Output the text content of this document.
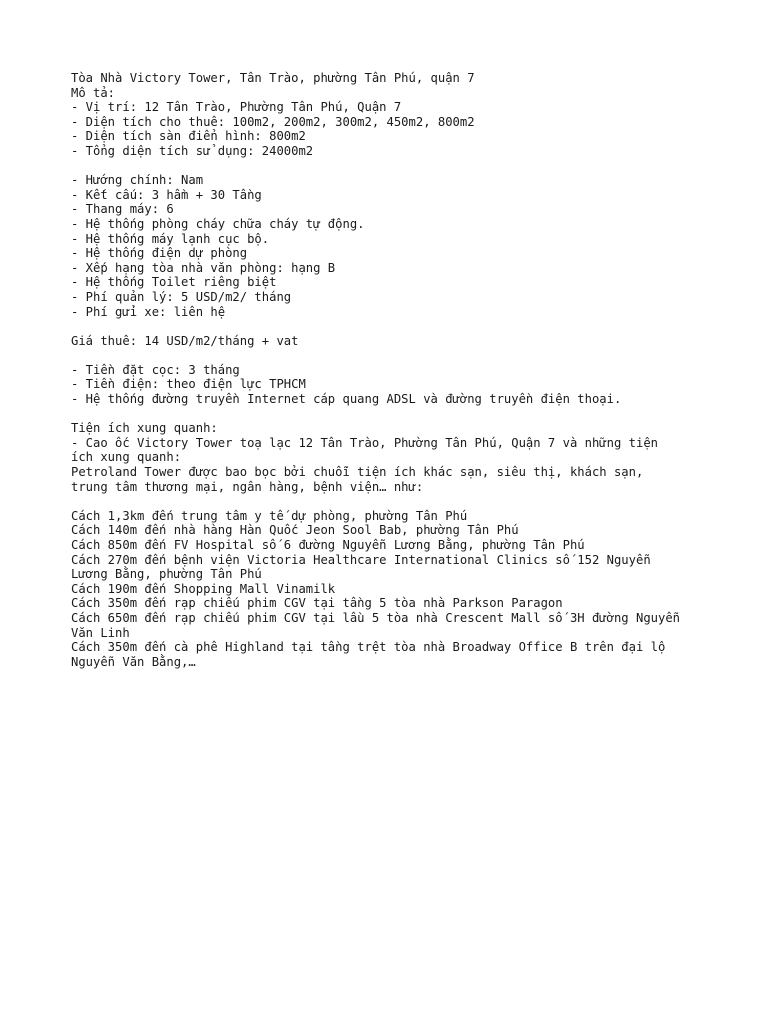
Tòa Nhà Victory Tower, Tân Trào, phường Tân Phú, quận 7
Mô tả:
- Vị trí: 12 Tân Trào, Phường Tân Phú, Quận 7
- Diện tích cho thuê: 100m2, 200m2, 300m2, 450m2, 800m2
- Diện tích sàn điển hình: 800m2
- Tổng diện tích sử dụng: 24000m2
- Hướng chính: Nam
- Kết cấu: 3 hầm + 30 Tầng
- Thang máy: 6
- Hệ thống phòng cháy chữa cháy tự động.
- Hệ thống máy lạnh cục bộ.
- Hệ thống điện dự phòng
- Xếp hạng tòa nhà văn phòng: hạng B
- Hệ thống Toilet riêng biệt
- Phí quản lý: 5 USD/m2/ tháng
- Phí gửi xe: liên hệ
Giá thuê: 14 USD/m2/tháng + vat
- Tiền đặt cọc: 3 tháng
- Tiền điện: theo điện lực TPHCM
- Hệ thống đường truyền Internet cáp quang ADSL và đường truyền điện thoại.
Tiện ích xung quanh:
- Cao ốc Victory Tower toạ lạc 12 Tân Trào, Phường Tân Phú, Quận 7 và những tiện
ích xung quanh:
Petroland Tower được bao bọc bởi chuỗi tiện ích khác sạn, siêu thị, khách sạn,
trung tâm thương mại, ngân hàng, bệnh viện… như:
Cách 1,3km đến trung tâm y tế dự phòng, phường Tân Phú
Cách 140m đến nhà hàng Hàn Quốc Jeon Sool Bab, phường Tân Phú
Cách 850m đến FV Hospital số 6 đường Nguyễn Lương Bằng, phường Tân Phú
Cách 270m đến bệnh viện Victoria Healthcare International Clinics số 152 Nguyễn
Lương Bằng, phường Tân Phú
Cách 190m đến Shopping Mall Vinamilk
Cách 350m đến rạp chiếu phim CGV tại tầng 5 tòa nhà Parkson Paragon
Cách 650m đến rạp chiếu phim CGV tại lầu 5 tòa nhà Crescent Mall số 3H đường Nguyễn
Văn Linh
Cách 350m đến cà phê Highland tại tầng trệt tòa nhà Broadway Office B trên đại lộ
Nguyễn Văn Bằng,…
